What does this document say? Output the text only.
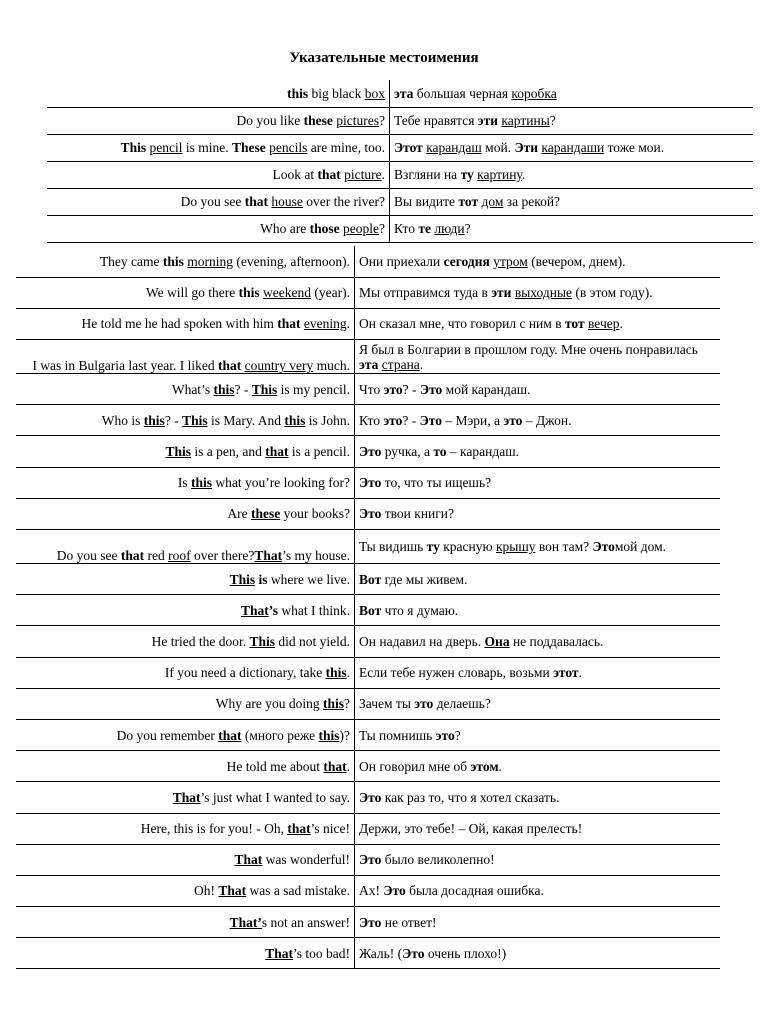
Указательные местоимения
this big black box	эта большая черная коробка
Do you like these pictures?	Тебе нравятся эти картины?
This pencil is mine. These pencils are mine, too.	Этот карандаш мой. Эти карандаши тоже мои.
Look at that picture.	Взгляни на ту картину.
Do you see that house over the river?	Вы видите тот дом за рекой?
Who are those people?	Кто те люди?
They came this morning (evening, afternoon).	Они приехали сегодня утром (вечером, днем).
We will go there this weekend (year).	Мы отправимся туда в эти выходные (в этом году).
He told me he had spoken with him that evening.	Он сказал мне, что говорил с ним в тот вечер.
I was in Bulgaria last year. I liked that country very much.	Я был в Болгарии в прошлом году. Мне очень понравилась эта страна.
What’s this? - This is my pencil.	Что это? - Это мой карандаш.
Who is this? - This is Mary. And this is John.	Кто это? - Это – Мэри, а это – Джон.
This is a pen, and that is a pencil.	Это ручка, а то – карандаш.
Is this what you’re looking for?	Это то, что ты ищешь?
Are these your books?	Это твои книги?
Do you see that red roof over there?That’s my house.	Ты видишь ту красную крышу вон там? Этомой дом.
This is where we live.	Вот где мы живем.
That’s what I think.	Вот что я думаю.
He tried the door. This did not yield.	Он надавил на дверь. Она не поддавалась.
If you need a dictionary, take this.	Если тебе нужен словарь, возьми этот.
Why are you doing this?	Зачем ты это делаешь?
Do you remember that (много реже this)?	Ты помнишь это?
He told me about that.	Он говорил мне об этом.
That’s just what I wanted to say.	Это как раз то, что я хотел сказать.
Here, this is for you! - Oh, that’s nice!	Держи, это тебе! – Ой, какая прелесть!
That was wonderful!	Это было великолепно!
Oh! That was a sad mistake.	Ах! Это была досадная ошибка.
That’s not an answer!	Это не ответ!
That’s too bad!	Жаль! (Это очень плохо!)
